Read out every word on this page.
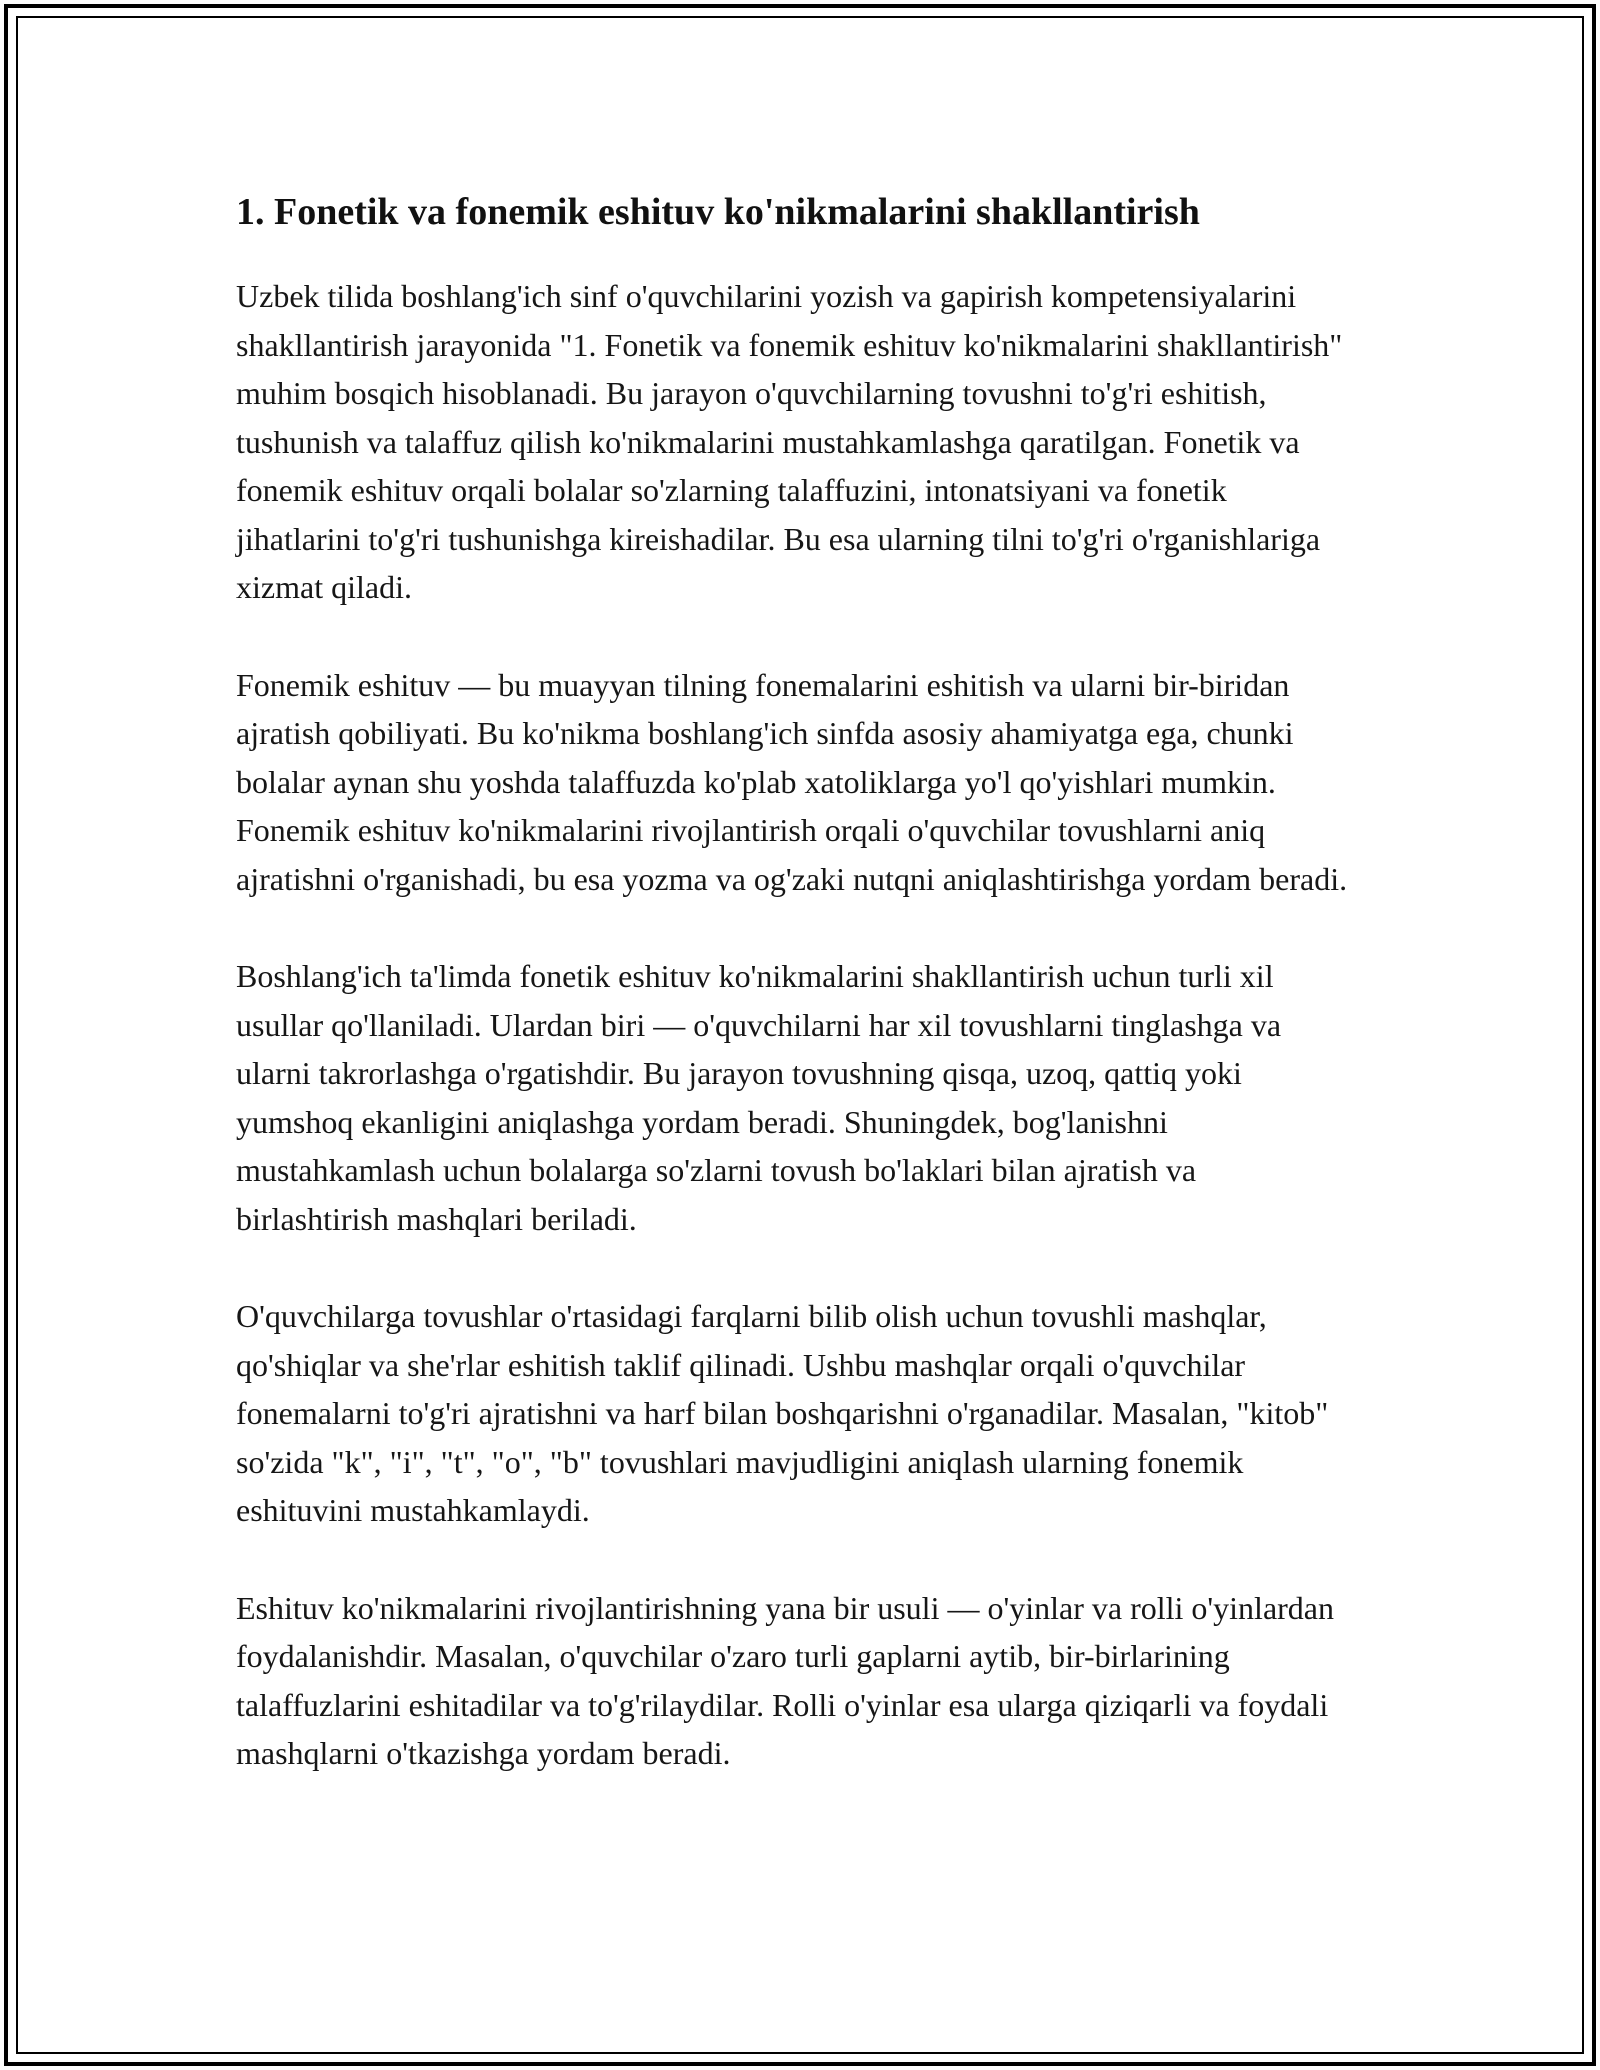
1. Fonetik va fonemik eshituv ko'nikmalarini shakllantirish

Uzbek tilida boshlang'ich sinf o'quvchilarini yozish va gapirish kompetensiyalarini shakllantirish jarayonida "1. Fonetik va fonemik eshituv ko'nikmalarini shakllantirish" muhim bosqich hisoblanadi. Bu jarayon o'quvchilarning tovushni to'g'ri eshitish, tushunish va talaffuz qilish ko'nikmalarini mustahkamlashga qaratilgan. Fonetik va fonemik eshituv orqali bolalar so'zlarning talaffuzini, intonatsiyani va fonetik jihatlarini to'g'ri tushunishga kireishadilar. Bu esa ularning tilni to'g'ri o'rganishlariga xizmat qiladi.

Fonemik eshituv — bu muayyan tilning fonemalarini eshitish va ularni bir-biridan ajratish qobiliyati. Bu ko'nikma boshlang'ich sinfda asosiy ahamiyatga ega, chunki bolalar aynan shu yoshda talaffuzda ko'plab xatoliklarga yo'l qo'yishlari mumkin. Fonemik eshituv ko'nikmalarini rivojlantirish orqali o'quvchilar tovushlarni aniq ajratishni o'rganishadi, bu esa yozma va og'zaki nutqni aniqlashtirishga yordam beradi.

Boshlang'ich ta'limda fonetik eshituv ko'nikmalarini shakllantirish uchun turli xil usullar qo'llaniladi. Ulardan biri — o'quvchilarni har xil tovushlarni tinglashga va ularni takrorlashga o'rgatishdir. Bu jarayon tovushning qisqa, uzoq, qattiq yoki yumshoq ekanligini aniqlashga yordam beradi. Shuningdek, bog'lanishni mustahkamlash uchun bolalarga so'zlarni tovush bo'laklari bilan ajratish va birlashtirish mashqlari beriladi.

O'quvchilarga tovushlar o'rtasidagi farqlarni bilib olish uchun tovushli mashqlar, qo'shiqlar va she'rlar eshitish taklif qilinadi. Ushbu mashqlar orqali o'quvchilar fonemalarni to'g'ri ajratishni va harf bilan boshqarishni o'rganadilar. Masalan, "kitob" so'zida "k", "i", "t", "o", "b" tovushlari mavjudligini aniqlash ularning fonemik eshituvini mustahkamlaydi.

Eshituv ko'nikmalarini rivojlantirishning yana bir usuli — o'yinlar va rolli o'yinlardan foydalanishdir. Masalan, o'quvchilar o'zaro turli gaplarni aytib, bir-birlarining talaffuzlarini eshitadilar va to'g'rilaydilar. Rolli o'yinlar esa ularga qiziqarli va foydali mashqlarni o'tkazishga yordam beradi.
